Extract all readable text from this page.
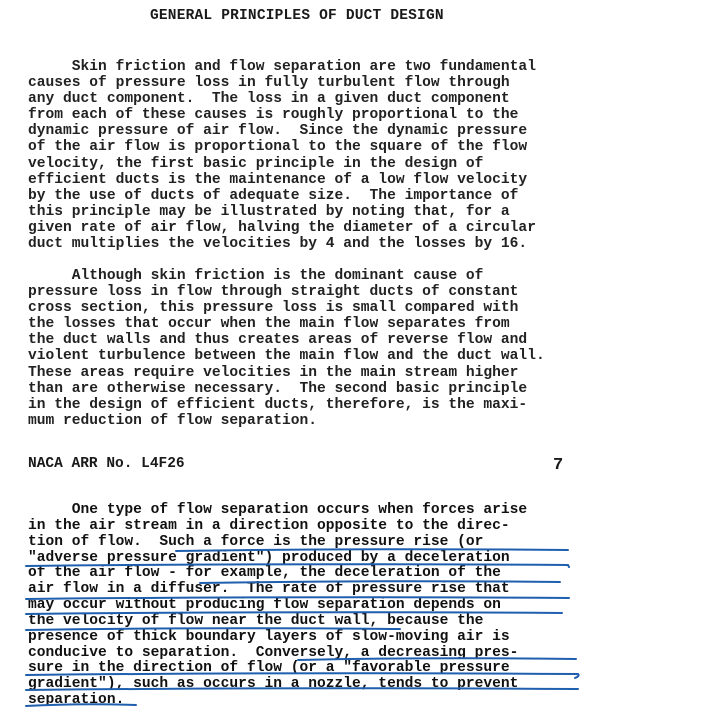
GENERAL PRINCIPLES OF DUCT DESIGN
Skin friction and flow separation are two fundamental
causes of pressure loss in fully turbulent flow through
any duct component.  The loss in a given duct component
from each of these causes is roughly proportional to the
dynamic pressure of air flow.  Since the dynamic pressure
of the air flow is proportional to the square of the flow
velocity, the first basic principle in the design of
efficient ducts is the maintenance of a low flow velocity
by the use of ducts of adequate size.  The importance of
this principle may be illustrated by noting that, for a
given rate of air flow, halving the diameter of a circular
duct multiplies the velocities by 4 and the losses by 16.
Although skin friction is the dominant cause of
pressure loss in flow through straight ducts of constant
cross section, this pressure loss is small compared with
the losses that occur when the main flow separates from
the duct walls and thus creates areas of reverse flow and
violent turbulence between the main flow and the duct wall.
These areas require velocities in the main stream higher
than are otherwise necessary.  The second basic principle
in the design of efficient ducts, therefore, is the maxi-
mum reduction of flow separation.
NACA ARR No. L4F26	7
One type of flow separation occurs when forces arise
in the air stream in a direction opposite to the direc-
tion of flow.  Such a force is the pressure rise (or
"adverse pressure gradient") produced by a deceleration
of the air flow - for example, the deceleration of the
air flow in a diffuser.  The rate of pressure rise that
may occur without producing flow separation depends on
the velocity of flow near the duct wall, because the
presence of thick boundary layers of slow-moving air is
conducive to separation.  Conversely, a decreasing pres-
sure in the direction of flow (or a "favorable pressure
gradient"), such as occurs in a nozzle, tends to prevent
separation.
